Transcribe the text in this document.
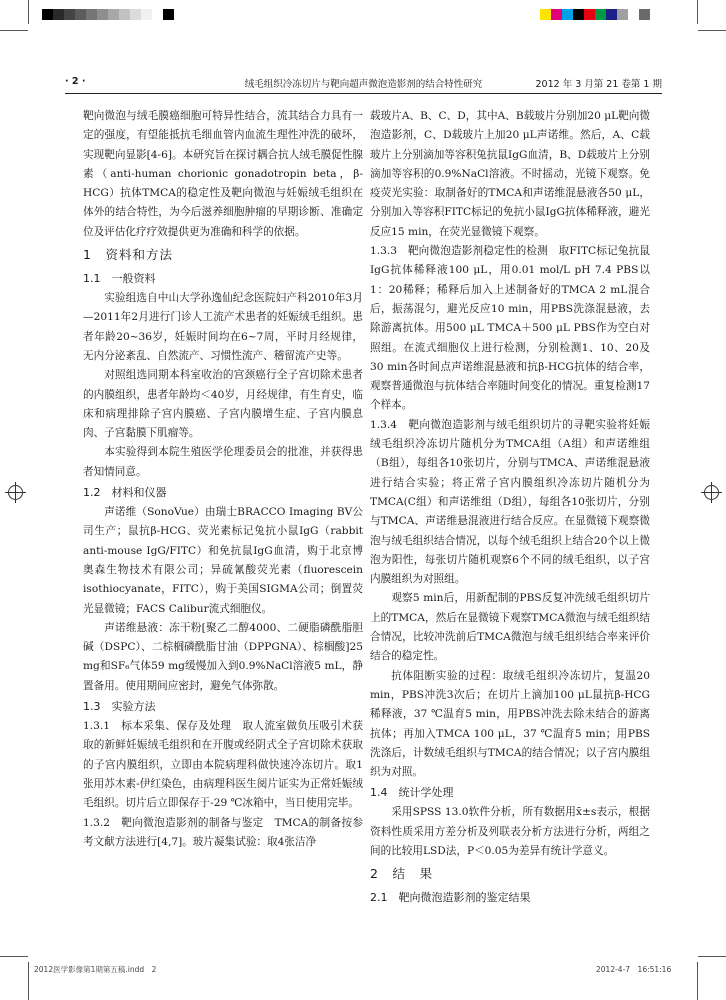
· 2 ·	绒毛组织冷冻切片与靶向超声微泡造影剂的结合特性研究	2012 年 3 月第 21 卷第 1 期

靶向微泡与绒毛膜癌细胞可特异性结合，流其结合力具有一定的强度，有望能抵抗毛细血管内血流生理性冲洗的破坏，实现靶向显影[4-6]。本研究旨在探讨耦合抗人绒毛膜促性腺素（anti-human chorionic gonadotropin beta，β-HCG）抗体TMCA的稳定性及靶向微泡与妊娠绒毛组织在体外的结合特性，为今后滋养细胞肿瘤的早期诊断、准确定位及评估化疗疗效提供更为准确和科学的依据。

1　资料和方法
1.1　一般资料

实验组选自中山大学孙逸仙纪念医院妇产科2010年3月—2011年2月进行门诊人工流产术患者的妊娠绒毛组织。患者年龄20~36岁，妊娠时间均在6~7周，平时月经规律，无内分泌紊乱、自然流产、习惯性流产、稽留流产史等。

对照组选同期本科室收治的宫颈癌行全子宫切除术患者的内膜组织，患者年龄均＜40岁，月经规律，有生育史，临床和病理排除子宫内膜癌、子宫内膜增生症、子宫内膜息肉、子宫黏膜下肌瘤等。

本实验得到本院生殖医学伦理委员会的批准，并获得患者知情同意。

1.2　材料和仪器

声诺维（SonoVue）由瑞士BRACCO Imaging BV公司生产；鼠抗β-HCG、荧光素标记兔抗小鼠IgG（rabbit anti-mouse IgG/FITC）和免抗鼠IgG血清，购于北京博奥森生物技术有限公司；异硫氰酸荧光素（fluorescein isothiocyanate，FITC），购于美国SIGMA公司；倒置荧光显微镜；FACS Calibur流式细胞仪。

声诺维悬液：冻干粉[聚乙二醇4000、二硬脂磷酰脂胆碱（DSPC）、二棕榈磷酰脂甘油（DPPGNA）、棕榈酸]25 mg和SF₆气体59 mg缓慢加入到0.9%NaCl溶液5 mL，静置备用。使用期间应密封，避免气体弥散。

1.3　实验方法

1.3.1　标本采集、保存及处理　取人流室做负压吸引术获取的新鲜妊娠绒毛组织和在开腹或经阴式全子宫切除术获取的子宫内膜组织，立即由本院病理科做快速冷冻切片。取1张用苏木素-伊红染色，由病理科医生阅片证实为正常妊娠绒毛组织。切片后立即保存于-29 ℃冰箱中，当日使用完毕。

1.3.2　靶向微泡造影剂的制备与鉴定　TMCA的制备按参考文献方法进行[4,7]。玻片凝集试验：取4张洁净

载玻片A、B、C、D，其中A、B载玻片分别加20 μL靶向微泡造影剂，C、D载玻片上加20 μL声诺维。然后，A、C载玻片上分别滴加等容积兔抗鼠IgG血清，B、D载玻片上分别滴加等容积的0.9%NaCl溶液。不时摇动，光镜下观察。免疫荧光实验：取制备好的TMCA和声诺维混悬液各50 μL，分别加入等容积FITC标记的免抗小鼠IgG抗体稀释液，避光反应15 min，在荧光显微镜下观察。

1.3.3　靶向微泡造影剂稳定性的检测　取FITC标记兔抗鼠IgG抗体稀释液100 μL，用0.01 mol/L pH 7.4 PBS以1：20稀释；稀释后加入上述制备好的TMCA 2 mL混合后，振荡混匀，避光反应10 min，用PBS洗涤混悬液，去除游离抗体。用500 μL TMCA＋500 μL PBS作为空白对照组。在流式细胞仪上进行检测，分别检测1、10、20及30 min各时间点声诺维混悬液和抗β-HCG抗体的结合率，观察普通微泡与抗体结合率随时间变化的情况。重复检测17个样本。

1.3.4　靶向微泡造影剂与绒毛组织切片的寻靶实验将妊娠绒毛组织冷冻切片随机分为TMCA组（A组）和声诺维组（B组），每组各10张切片，分别与TMCA、声诺维混悬液进行结合实验；将正常子宫内膜组织冷冻切片随机分为TMCA(C组）和声诺维组（D组），每组各10张切片，分别与TMCA、声诺维悬混液进行结合反应。在显微镜下观察微泡与绒毛组织结合情况，以每个绒毛组织上结合20个以上微泡为阳性，每张切片随机观察6个不同的绒毛组织，以子宫内膜组织为对照组。

观察5 min后，用新配制的PBS反复冲洗绒毛组织切片上的TMCA，然后在显微镜下观察TMCA微泡与绒毛组织结合情况，比较冲洗前后TMCA微泡与绒毛组织结合率来评价结合的稳定性。

抗体阻断实验的过程：取绒毛组织冷冻切片，复温20 min，PBS冲洗3次后；在切片上滴加100 μL鼠抗β-HCG稀释液，37 ℃温育5 min，用PBS冲洗去除未结合的游离抗体；再加入TMCA 100 μL，37 ℃温育5 min；用PBS洗涤后，计数绒毛组织与TMCA的结合情况；以子宫内膜组织为对照。

1.4　统计学处理

采用SPSS 13.0软件分析，所有数据用x̄±s表示，根据资料性质采用方差分析及列联表分析方法进行分析，两组之间的比较用LSD法，P＜0.05为差异有统计学意义。

2　结　果
2.1　靶向微泡造影剂的鉴定结果
2012医学影像第1期第五稿.indd　2	2012-4-7　16:51:16
